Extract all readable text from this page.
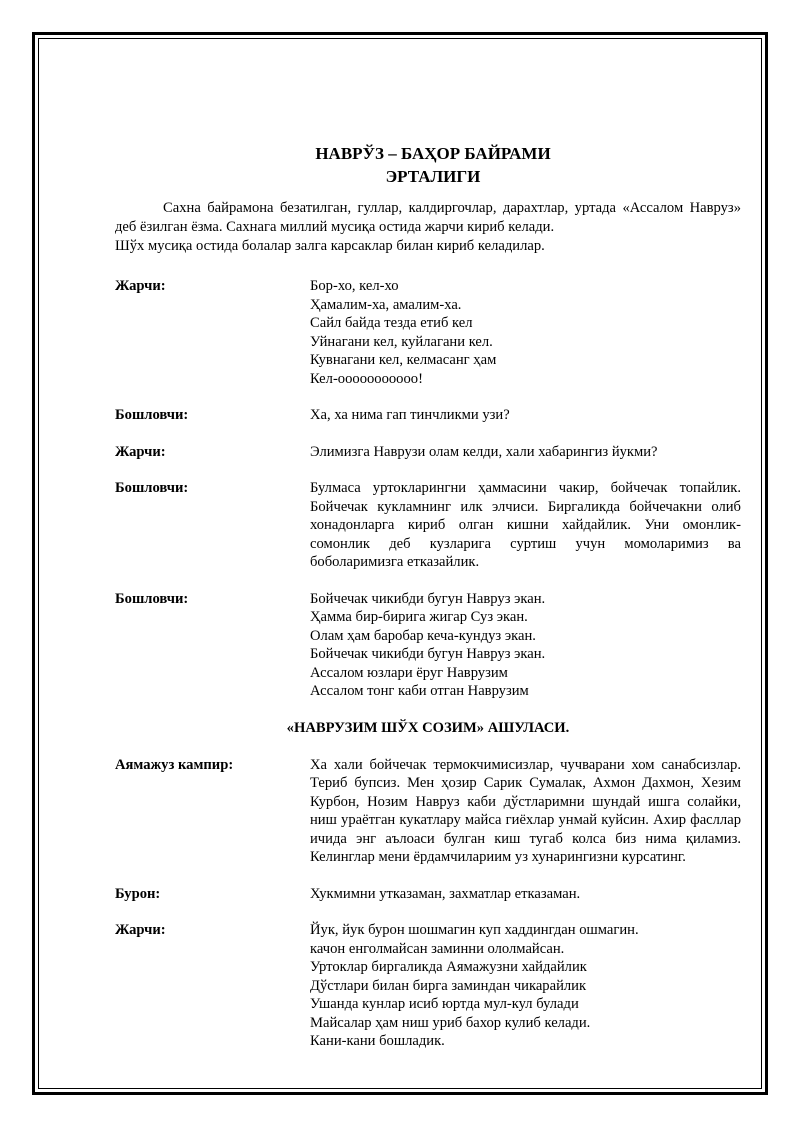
НАВРЎЗ – БАҲОР БАЙРАМИ
ЭРТАЛИГИ
Сахна байрамона безатилган, гуллар, калдиргочлар, дарахтлар, уртада «Ассалом Навруз» деб ёзилган ёзма. Сахнага миллий мусиқа остида жарчи кириб келади.
Шўх мусиқа остида болалар залга карсаклар билан кириб келадилар.
Жарчи:	Бор-хо, кел-хо
Ҳамалим-ха, амалим-ха.
Сайл байда тезда етиб кел
Уйнагани кел, куйлагани кел.
Кувнагани кел, келмасанг ҳам
Кел-ооооооооооо!
Бошловчи:	Ха, ха нима гап тинчликми узи?
Жарчи:	Элимизга Наврузи олам келди, хали хабарингиз йукми?
Бошловчи:	Булмаса уртокларингни ҳаммасини чакир, бойчечак топайлик. Бойчечак кукламнинг илк элчиси. Биргаликда бойчечакни олиб хонадонларга кириб олган кишни хайдайлик. Уни омонлик-сомонлик деб кузларига суртиш учун момоларимиз ва боболаримизга етказайлик.
Бошловчи:	Бойчечак чикибди бугун Навруз экан.
Ҳамма бир-бирига жигар Суз экан.
Олам ҳам баробар кеча-кундуз экан.
Бойчечак чикибди бугун Навруз экан.
Ассалом юзлари ёруг Наврузим
Ассалом тонг каби отган Наврузим
«НАВРУЗИМ ШЎХ СОЗИМ» АШУЛАСИ.
Аямажуз кампир:	Ха хали бойчечак термокчимисизлар, чучварани хом санабсизлар. Териб бупсиз. Мен ҳозир Сарик Сумалак, Ахмон Дахмон, Хезим Курбон, Нозим Навруз каби дўстларимни шундай ишга солайки, ниш ураётган кукатлару майса гиёхлар унмай куйсин. Ахир фасллар ичида энг аълоаси булган киш тугаб колса биз нима қиламиз. Келинглар мени ёрдамчилариим уз хунарингизни курсатинг.
Бурон:	Хукмимни утказаман, захматлар етказаман.
Жарчи:	Йук, йук бурон шошмагин куп хаддингдан ошмагин.
качон енголмайсан заминни ололмайсан.
Уртоклар биргаликда Аямажузни хайдайлик
Дўстлари билан бирга заминдан чикарайлик
Ушанда кунлар исиб юртда мул-кул булади
Майсалар ҳам ниш уриб бахор кулиб келади.
Кани-кани бошладик.
